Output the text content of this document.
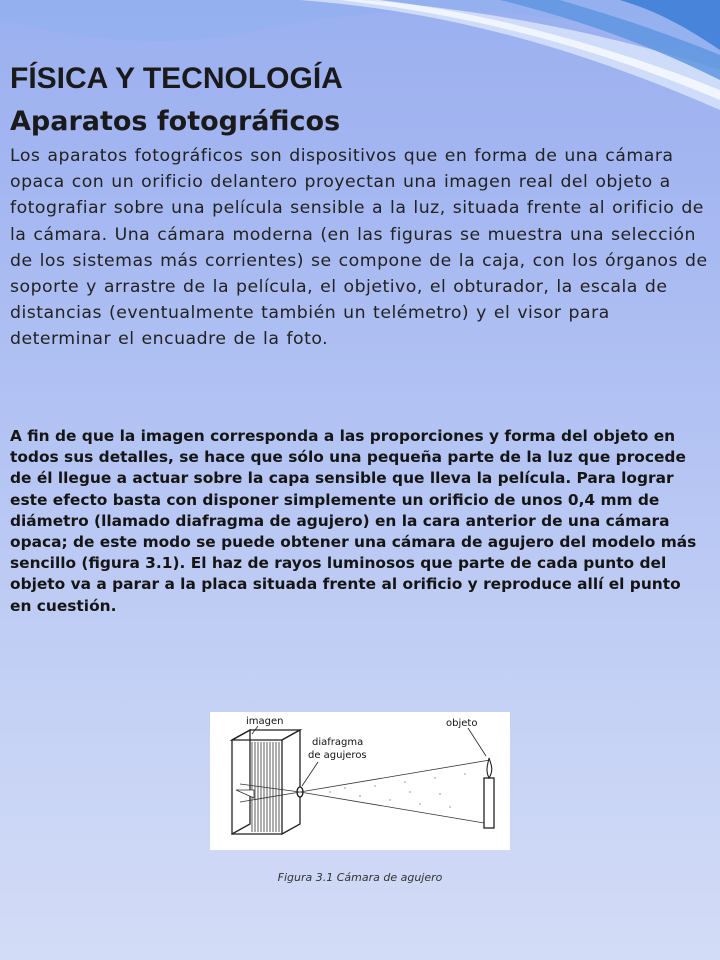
FÍSICA Y TECNOLOGÍA
Aparatos fotográficos

Los aparatos fotográficos son dispositivos que en forma de una cámara opaca con un orificio delantero proyectan una imagen real del objeto a fotografiar sobre una película sensible a la luz, situada frente al orificio de la cámara. Una cámara moderna (en las figuras se muestra una selección de los sistemas más corrientes) se compone de la caja, con los órganos de soporte y arrastre de la película, el objetivo, el obturador, la escala de distancias (eventualmente también un telémetro) y el visor para determinar el encuadre de la foto.

A fin de que la imagen corresponda a las proporciones y forma del objeto en todos sus detalles, se hace que sólo una pequeña parte de la luz que procede de él llegue a actuar sobre la capa sensible que lleva la película. Para lograr este efecto basta con disponer simplemente un orificio de unos 0,4 mm de diámetro (llamado diafragma de agujero) en la cara anterior de una cámara opaca; de este modo se puede obtener una cámara de agujero del modelo más sencillo (figura 3.1). El haz de rayos luminosos que parte de cada punto del objeto va a parar a la placa situada frente al orificio y reproduce allí el punto en cuestión.

imagen
diafragma
de agujeros
objeto

Figura 3.1 Cámara de agujero
